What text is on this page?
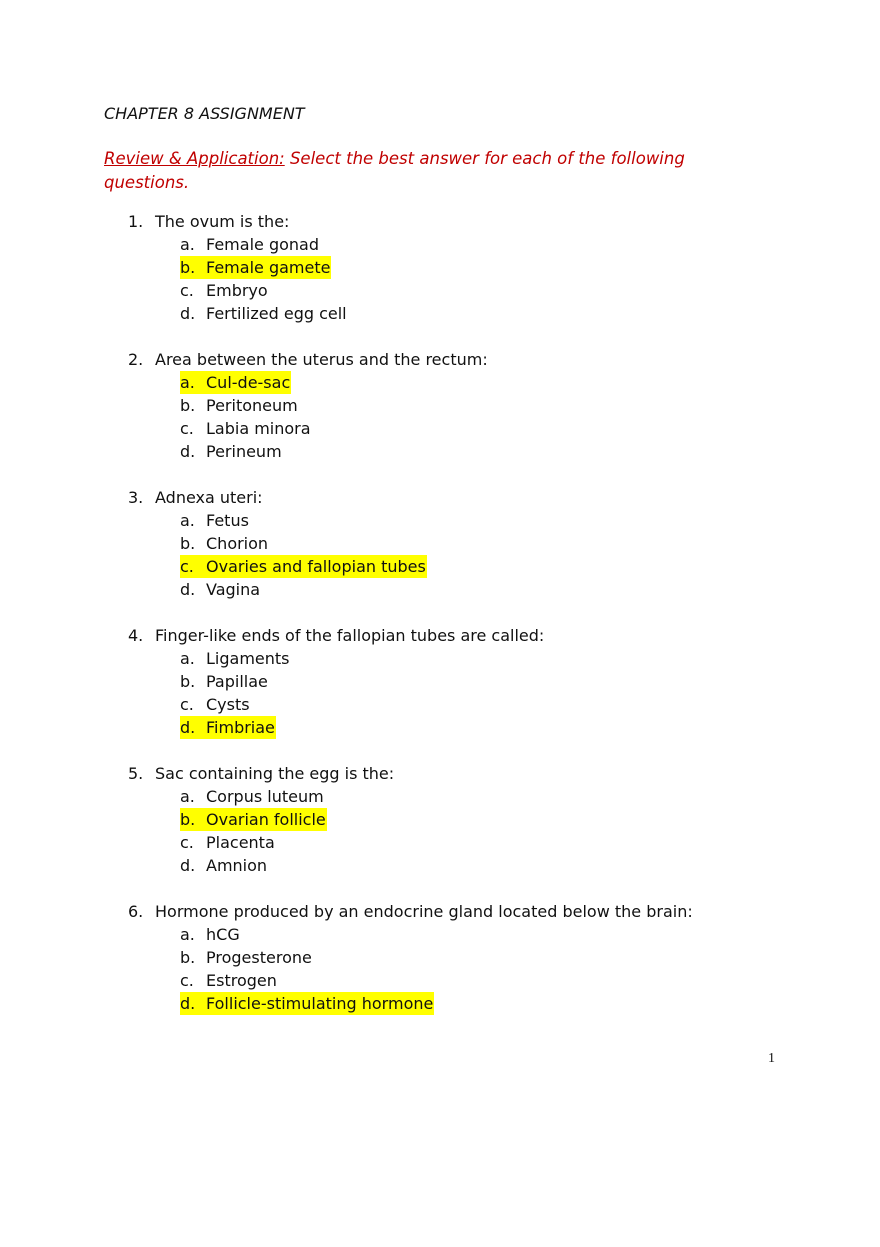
CHAPTER 8 ASSIGNMENT

Review & Application: Select the best answer for each of the following questions.

1. The ovum is the:
a. Female gonad
b. Female gamete
c. Embryo
d. Fertilized egg cell
2. Area between the uterus and the rectum:
a. Cul-de-sac
b. Peritoneum
c. Labia minora
d. Perineum
3. Adnexa uteri:
a. Fetus
b. Chorion
c. Ovaries and fallopian tubes
d. Vagina
4. Finger-like ends of the fallopian tubes are called:
a. Ligaments
b. Papillae
c. Cysts
d. Fimbriae
5. Sac containing the egg is the:
a. Corpus luteum
b. Ovarian follicle
c. Placenta
d. Amnion
6. Hormone produced by an endocrine gland located below the brain:
a. hCG
b. Progesterone
c. Estrogen
d. Follicle-stimulating hormone
1
